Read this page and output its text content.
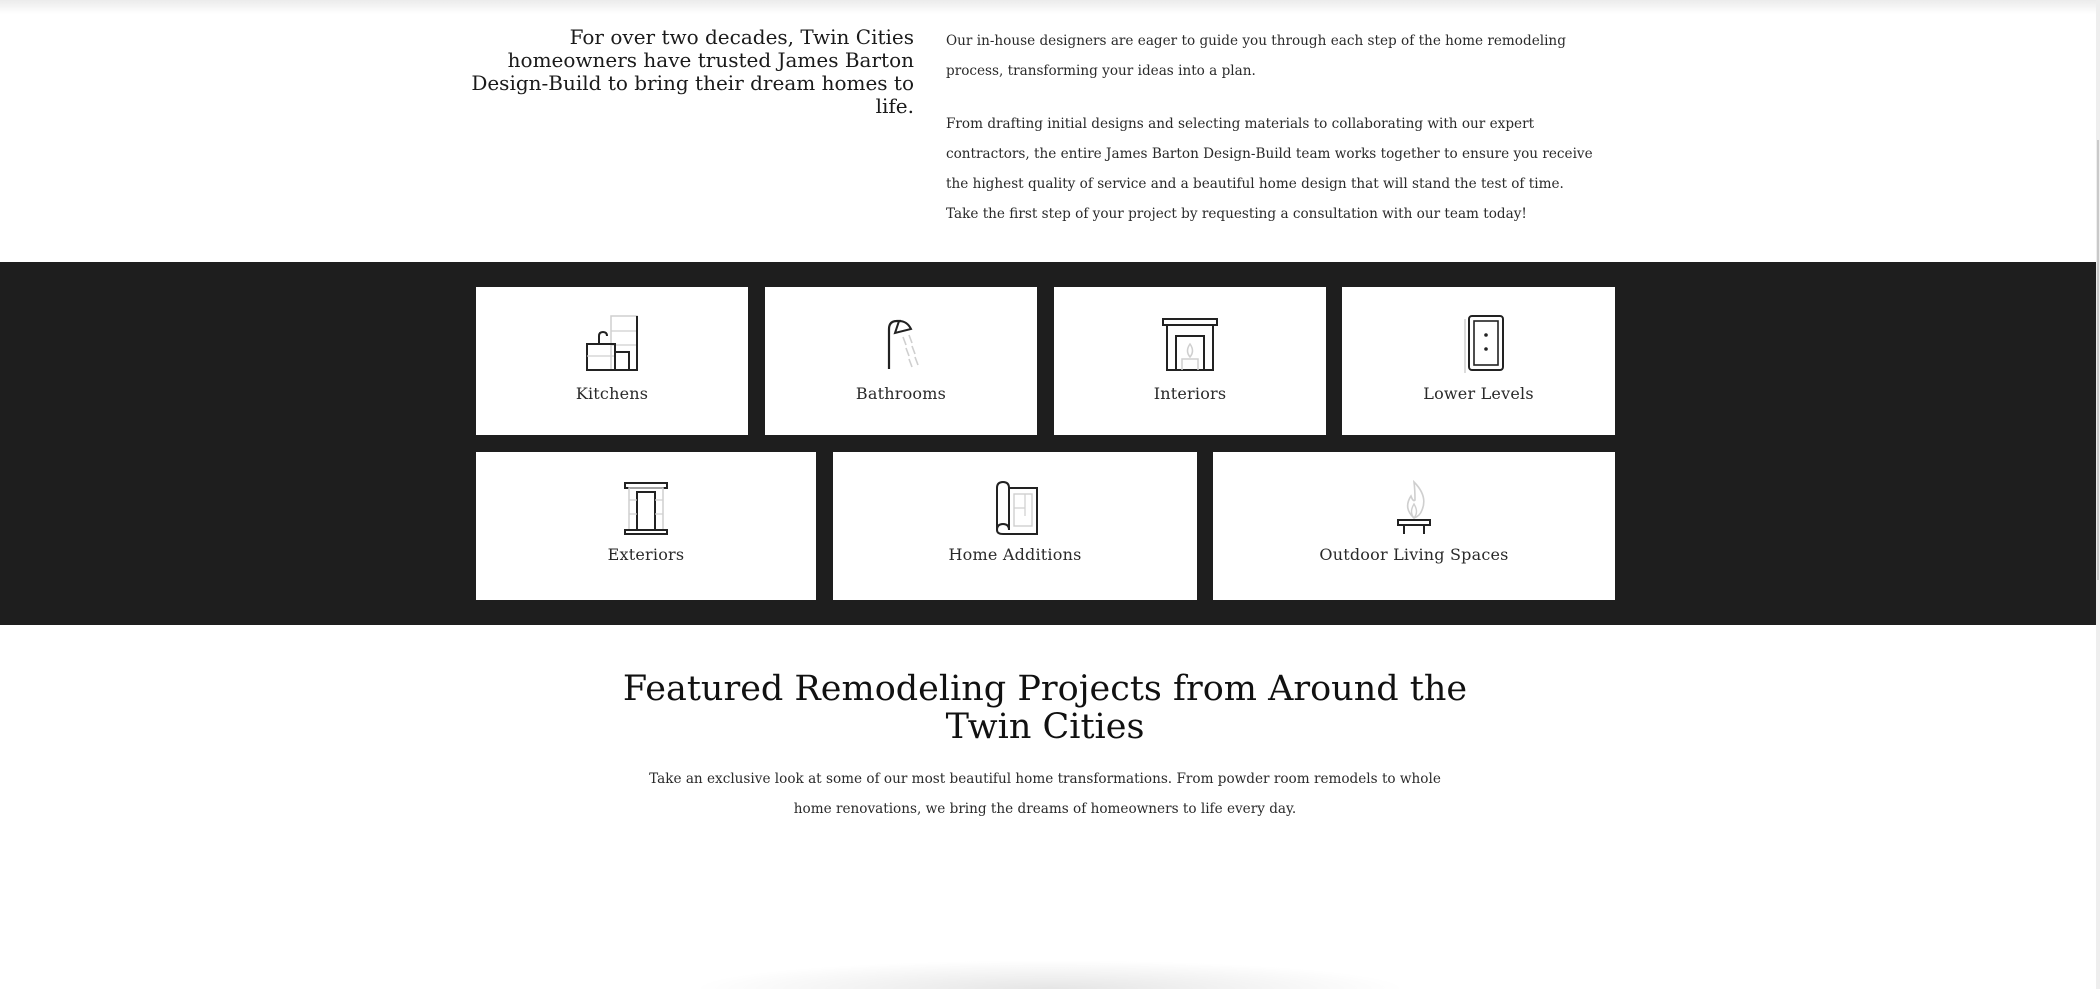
For over two decades, Twin Cities homeowners have trusted James Barton Design-Build to bring their dream homes to life.

Our in-house designers are eager to guide you through each step of the home remodeling process, transforming your ideas into a plan.

From drafting initial designs and selecting materials to collaborating with our expert contractors, the entire James Barton Design-Build team works together to ensure you receive the highest quality of service and a beautiful home design that will stand the test of time. Take the first step of your project by requesting a consultation with our team today!

Kitchens	Bathrooms	Interiors	Lower Levels
Exteriors	Home Additions	Outdoor Living Spaces
Featured Remodeling Projects from Around the Twin Cities
Take an exclusive look at some of our most beautiful home transformations. From powder room remodels to whole home renovations, we bring the dreams of homeowners to life every day.
